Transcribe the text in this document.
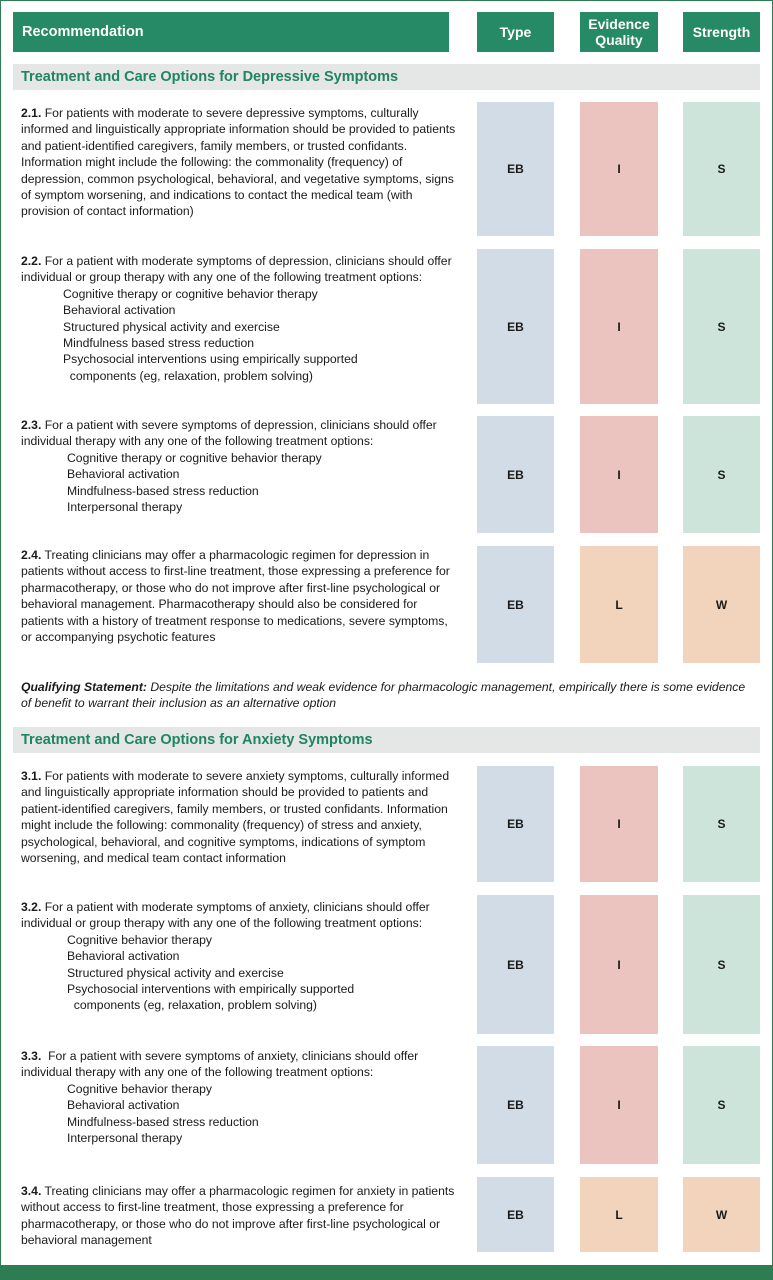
Recommendation	Type	Evidence Quality	Strength
Treatment and Care Options for Depressive Symptoms
2.1. For patients with moderate to severe depressive symptoms, culturally informed and linguistically appropriate information should be provided to patients and patient-identified caregivers, family members, or trusted confidants. Information might include the following: the commonality (frequency) of depression, common psychological, behavioral, and vegetative symptoms, signs of symptom worsening, and indications to contact the medical team (with provision of contact information)
EB	I	S
2.2. For a patient with moderate symptoms of depression, clinicians should offer individual or group therapy with any one of the following treatment options:
Cognitive therapy or cognitive behavior therapy
Behavioral activation
Structured physical activity and exercise
Mindfulness based stress reduction
Psychosocial interventions using empirically supported
components (eg, relaxation, problem solving)
EB	I	S
2.3. For a patient with severe symptoms of depression, clinicians should offer individual therapy with any one of the following treatment options:
Cognitive therapy or cognitive behavior therapy
Behavioral activation
Mindfulness-based stress reduction
Interpersonal therapy
EB	I	S
2.4. Treating clinicians may offer a pharmacologic regimen for depression in patients without access to first-line treatment, those expressing a preference for pharmacotherapy, or those who do not improve after first-line psychological or behavioral management. Pharmacotherapy should also be considered for patients with a history of treatment response to medications, severe symptoms, or accompanying psychotic features
EB	L	W
Qualifying Statement: Despite the limitations and weak evidence for pharmacologic management, empirically there is some evidence of benefit to warrant their inclusion as an alternative option
Treatment and Care Options for Anxiety Symptoms
3.1. For patients with moderate to severe anxiety symptoms, culturally informed and linguistically appropriate information should be provided to patients and patient-identified caregivers, family members, or trusted confidants. Information might include the following: commonality (frequency) of stress and anxiety, psychological, behavioral, and cognitive symptoms, indications of symptom worsening, and medical team contact information
EB	I	S
3.2. For a patient with moderate symptoms of anxiety, clinicians should offer individual or group therapy with any one of the following treatment options:
Cognitive behavior therapy
Behavioral activation
Structured physical activity and exercise
Psychosocial interventions with empirically supported
components (eg, relaxation, problem solving)
EB	I	S
3.3.  For a patient with severe symptoms of anxiety, clinicians should offer individual therapy with any one of the following treatment options:
Cognitive behavior therapy
Behavioral activation
Mindfulness-based stress reduction
Interpersonal therapy
EB	I	S
3.4. Treating clinicians may offer a pharmacologic regimen for anxiety in patients without access to first-line treatment, those expressing a preference for pharmacotherapy, or those who do not improve after first-line psychological or behavioral management
EB	L	W
